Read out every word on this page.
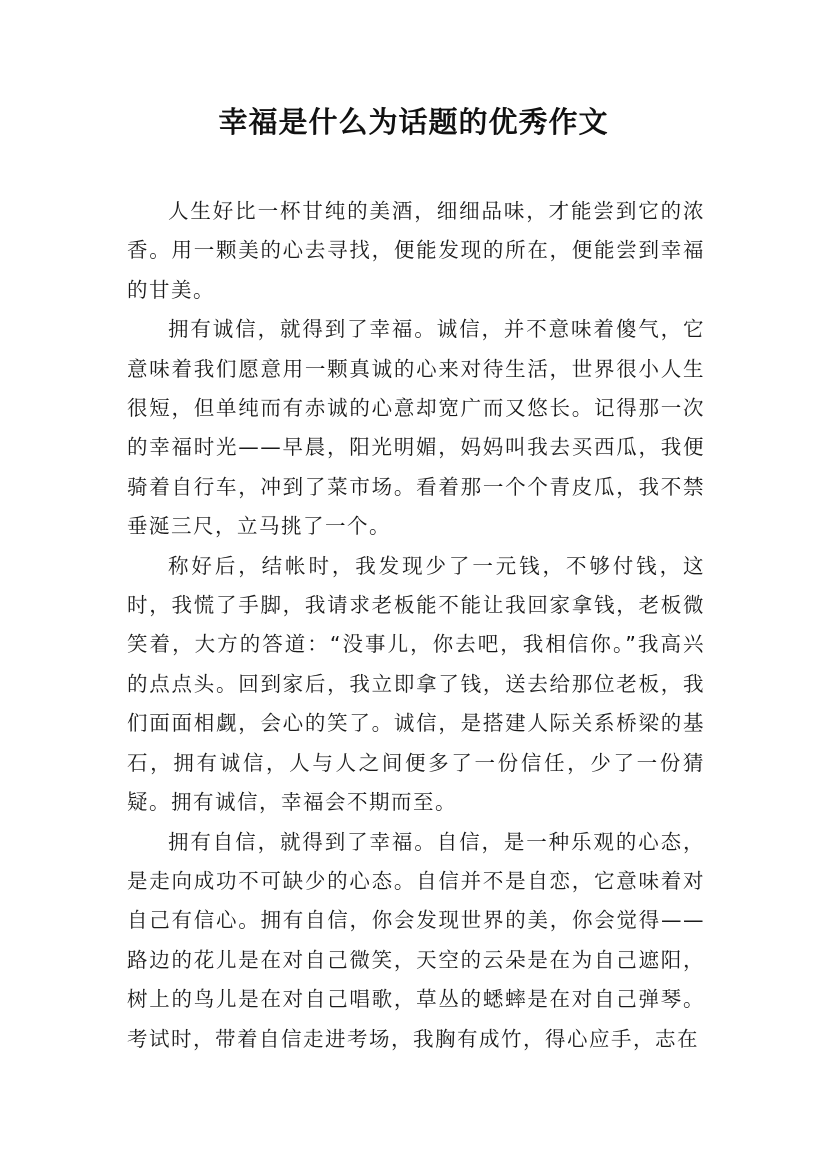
幸福是什么为话题的优秀作文

人生好比一杯甘纯的美酒，细细品味，才能尝到它的浓香。用一颗美的心去寻找，便能发现的所在，便能尝到幸福的甘美。

拥有诚信，就得到了幸福。诚信，并不意味着傻气，它意味着我们愿意用一颗真诚的心来对待生活，世界很小人生很短，但单纯而有赤诚的心意却宽广而又悠长。记得那一次的幸福时光——早晨，阳光明媚，妈妈叫我去买西瓜，我便骑着自行车，冲到了菜市场。看着那一个个青皮瓜，我不禁垂涎三尺，立马挑了一个。

称好后，结帐时，我发现少了一元钱，不够付钱，这时，我慌了手脚，我请求老板能不能让我回家拿钱，老板微笑着，大方的答道：“没事儿，你去吧，我相信你。”我高兴的点点头。回到家后，我立即拿了钱，送去给那位老板，我们面面相觑，会心的笑了。诚信，是搭建人际关系桥梁的基石，拥有诚信，人与人之间便多了一份信任，少了一份猜疑。拥有诚信，幸福会不期而至。

拥有自信，就得到了幸福。自信，是一种乐观的心态，是走向成功不可缺少的心态。自信并不是自恋，它意味着对自己有信心。拥有自信，你会发现世界的美，你会觉得——路边的花儿是在对自己微笑，天空的云朵是在为自己遮阳，树上的鸟儿是在对自己唱歌，草丛的蟋蟀是在对自己弹琴。考试时，带着自信走进考场，我胸有成竹，得心应手，志在
